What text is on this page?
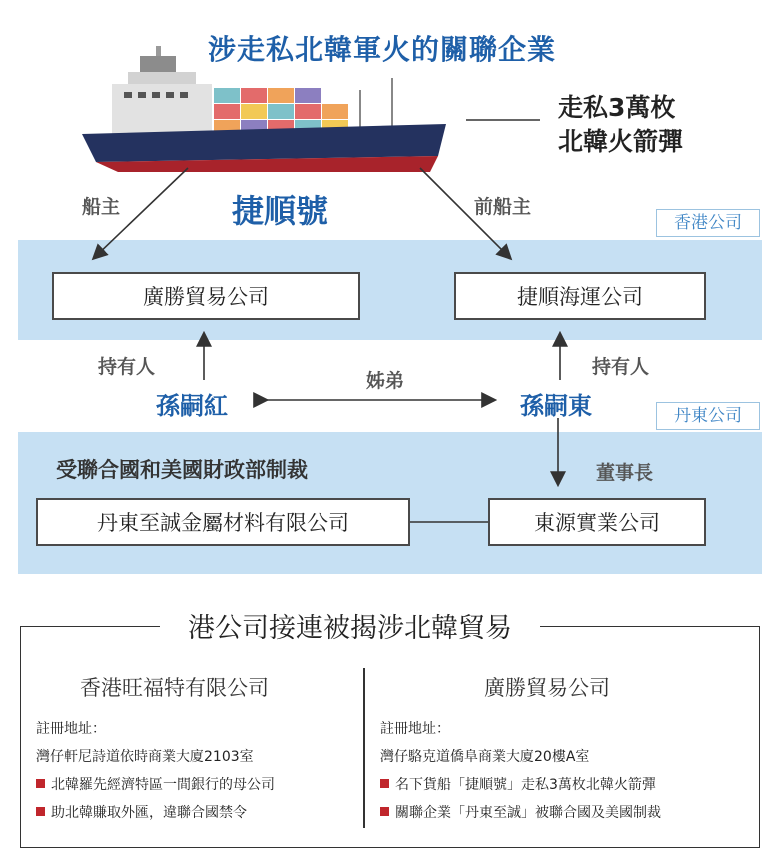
涉走私北韓軍火的關聯企業
走私3萬枚
北韓火箭彈
捷順號
船主	前船主
香港公司
丹東公司
廣勝貿易公司	捷順海運公司
持有人	持有人
姊弟
孫嗣紅	孫嗣東
受聯合國和美國財政部制裁	董事長
丹東至誠金屬材料有限公司	東源實業公司
港公司接連被揭涉北韓貿易
香港旺福特有限公司
註冊地址：
灣仔軒尼詩道依時商業大廈2103室
北韓羅先經濟特區一間銀行的母公司
助北韓賺取外匯，違聯合國禁令
廣勝貿易公司
註冊地址：
灣仔駱克道僑阜商業大廈20樓A室
名下貨船「捷順號」走私3萬枚北韓火箭彈
關聯企業「丹東至誠」被聯合國及美國制裁
